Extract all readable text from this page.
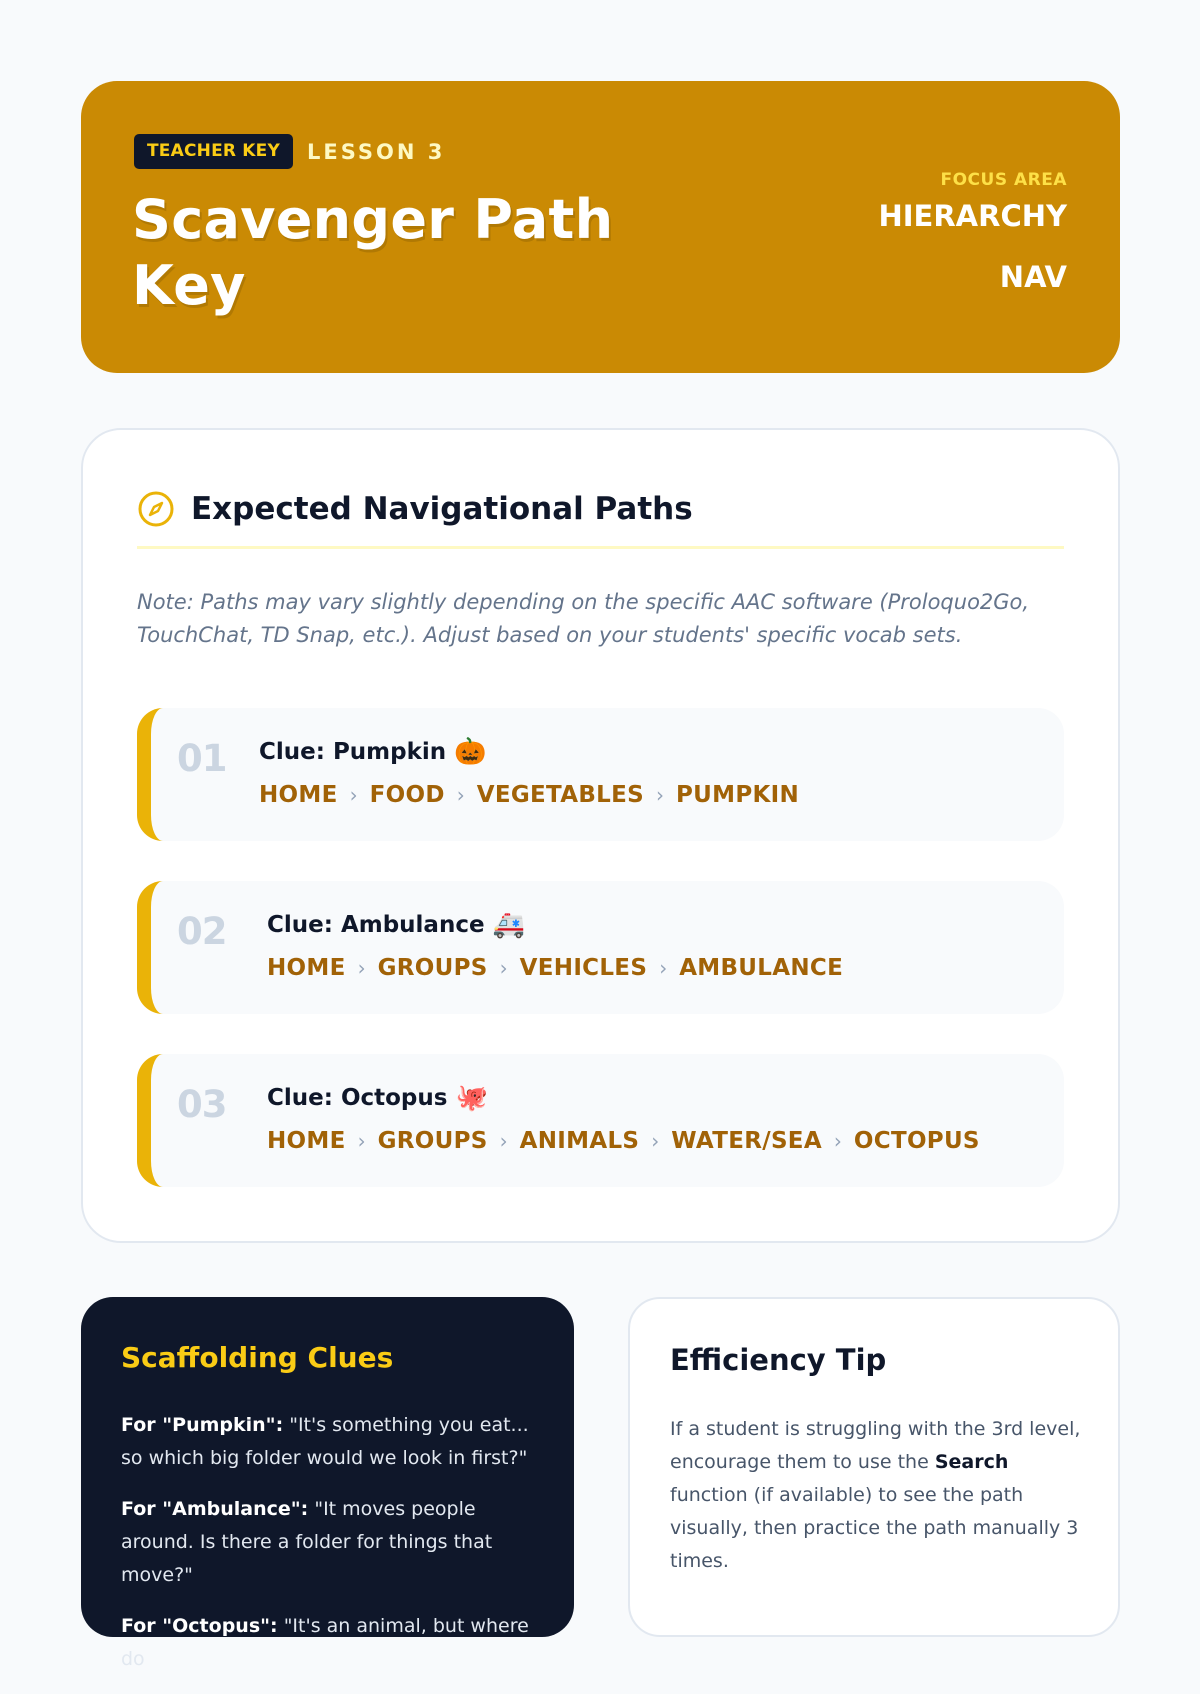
TEACHER KEY	LESSON 3
Scavenger Path Key
FOCUS AREA
HIERARCHY NAV
Expected Navigational Paths

Note: Paths may vary slightly depending on the specific AAC software (Proloquo2Go, TouchChat, TD Snap, etc.). Adjust based on your students' specific vocab sets.

01 Clue: Pumpkin 🎃
HOME › FOOD › VEGETABLES › PUMPKIN
02 Clue: Ambulance 🚑
HOME › GROUPS › VEHICLES › AMBULANCE
03 Clue: Octopus 🐙
HOME › GROUPS › ANIMALS › WATER/SEA › OCTOPUS
Scaffolding Clues

For "Pumpkin": "It's something you eat... so which big folder would we look in first?"

For "Ambulance": "It moves people around. Is there a folder for things that move?"

For "Octopus": "It's an animal, but where do

Efficiency Tip

If a student is struggling with the 3rd level, encourage them to use the Search function (if available) to see the path visually, then practice the path manually 3 times.
